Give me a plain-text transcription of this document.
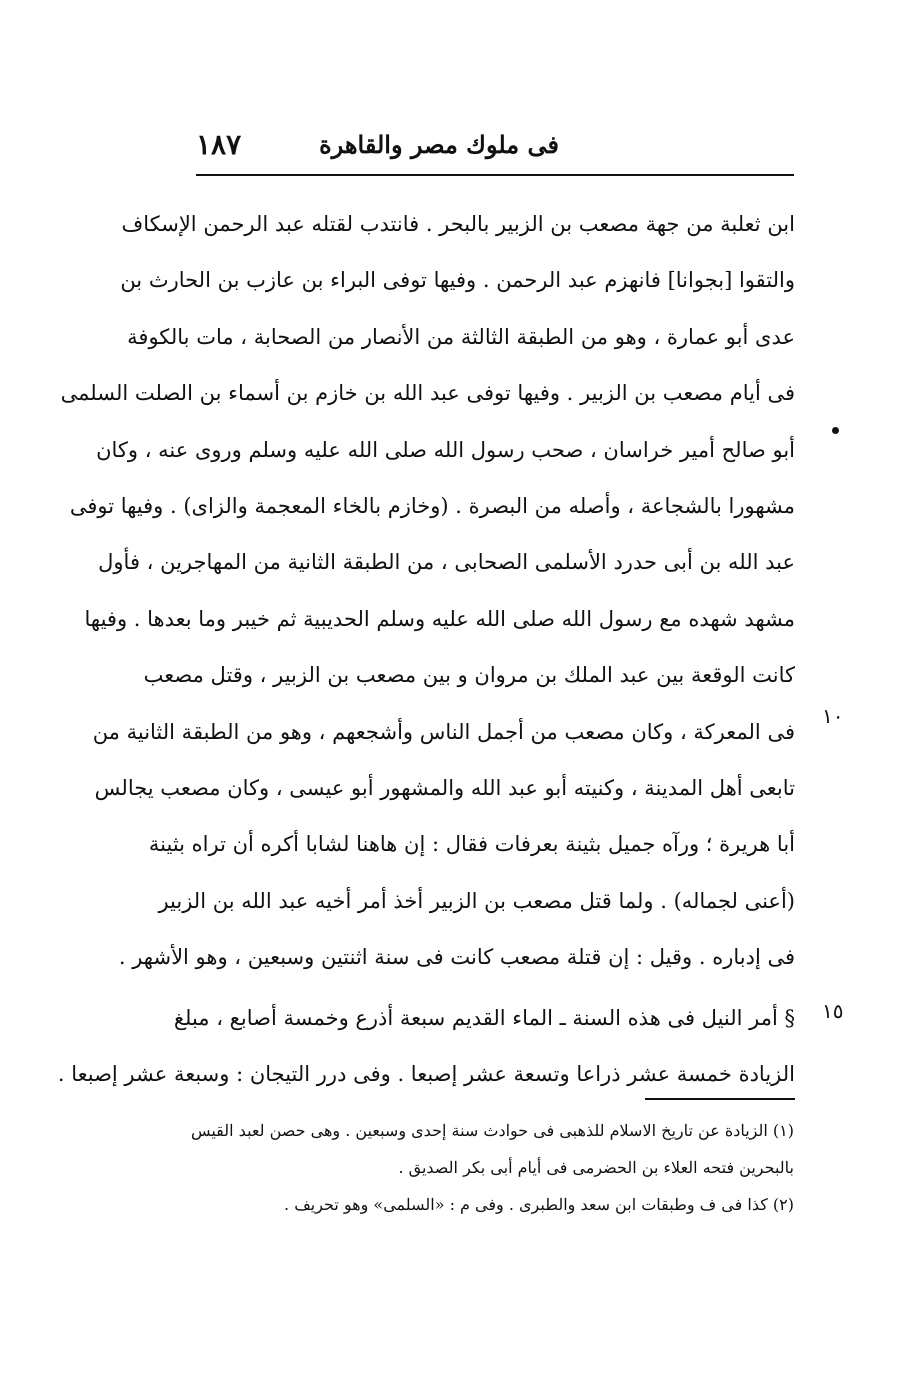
فى ملوك مصر والقاهرة
١٨٧
١٠
١٥
ابن ثعلبة من جهة مصعب بن الزبير بالبحر . فانتدب لقتله عبد الرحمن الإسكاف
والتقوا [بجوانا] فانهزم عبد الرحمن . وفيها توفى البراء بن عازب بن الحارث بن
عدى أبو عمارة ، وهو من الطبقة الثالثة من الأنصار من الصحابة ، مات بالكوفة
فى أيام مصعب بن الزبير . وفيها توفى عبد الله بن خازم بن أسماء بن الصلت السلمى
أبو صالح أمير خراسان ، صحب رسول الله صلى الله عليه وسلم وروى عنه ، وكان
مشهورا بالشجاعة ، وأصله من البصرة . (وخازم بالخاء المعجمة والزاى) . وفيها توفى
عبد الله بن أبى حدرد الأسلمى الصحابى ، من الطبقة الثانية من المهاجرين ، فأول
مشهد شهده مع رسول الله صلى الله عليه وسلم الحديبية ثم خيبر وما بعدها . وفيها
كانت الوقعة بين عبد الملك بن مروان و بين مصعب بن الزبير ، وقتل مصعب
فى المعركة ، وكان مصعب من أجمل الناس وأشجعهم ، وهو من الطبقة الثانية من
تابعى أهل المدينة ، وكنيته أبو عبد الله والمشهور أبو عيسى ، وكان مصعب يجالس
أبا هريرة ؛ ورآه جميل بثينة بعرفات فقال : إن هاهنا لشابا أكره أن تراه بثينة
(أعنى لجماله) . ولما قتل مصعب بن الزبير أخذ أمر أخيه عبد الله بن الزبير
فى إدباره . وقيل : إن قتلة مصعب كانت فى سنة اثنتين وسبعين ، وهو الأشهر .
§ أمر النيل فى هذه السنة ـ الماء القديم سبعة أذرع وخمسة أصابع ، مبلغ
الزيادة خمسة عشر ذراعا وتسعة عشر إصبعا . وفى درر التيجان : وسبعة عشر إصبعا .
(١) الزيادة عن تاريخ الاسلام للذهبى فى حوادث سنة إحدى وسبعين . وهى حصن لعبد القيس
بالبحرين فتحه العلاء بن الحضرمى فى أيام أبى بكر الصديق .
(٢) كذا فى ف وطبقات ابن سعد والطبرى . وفى م : «السلمى» وهو تحريف .
